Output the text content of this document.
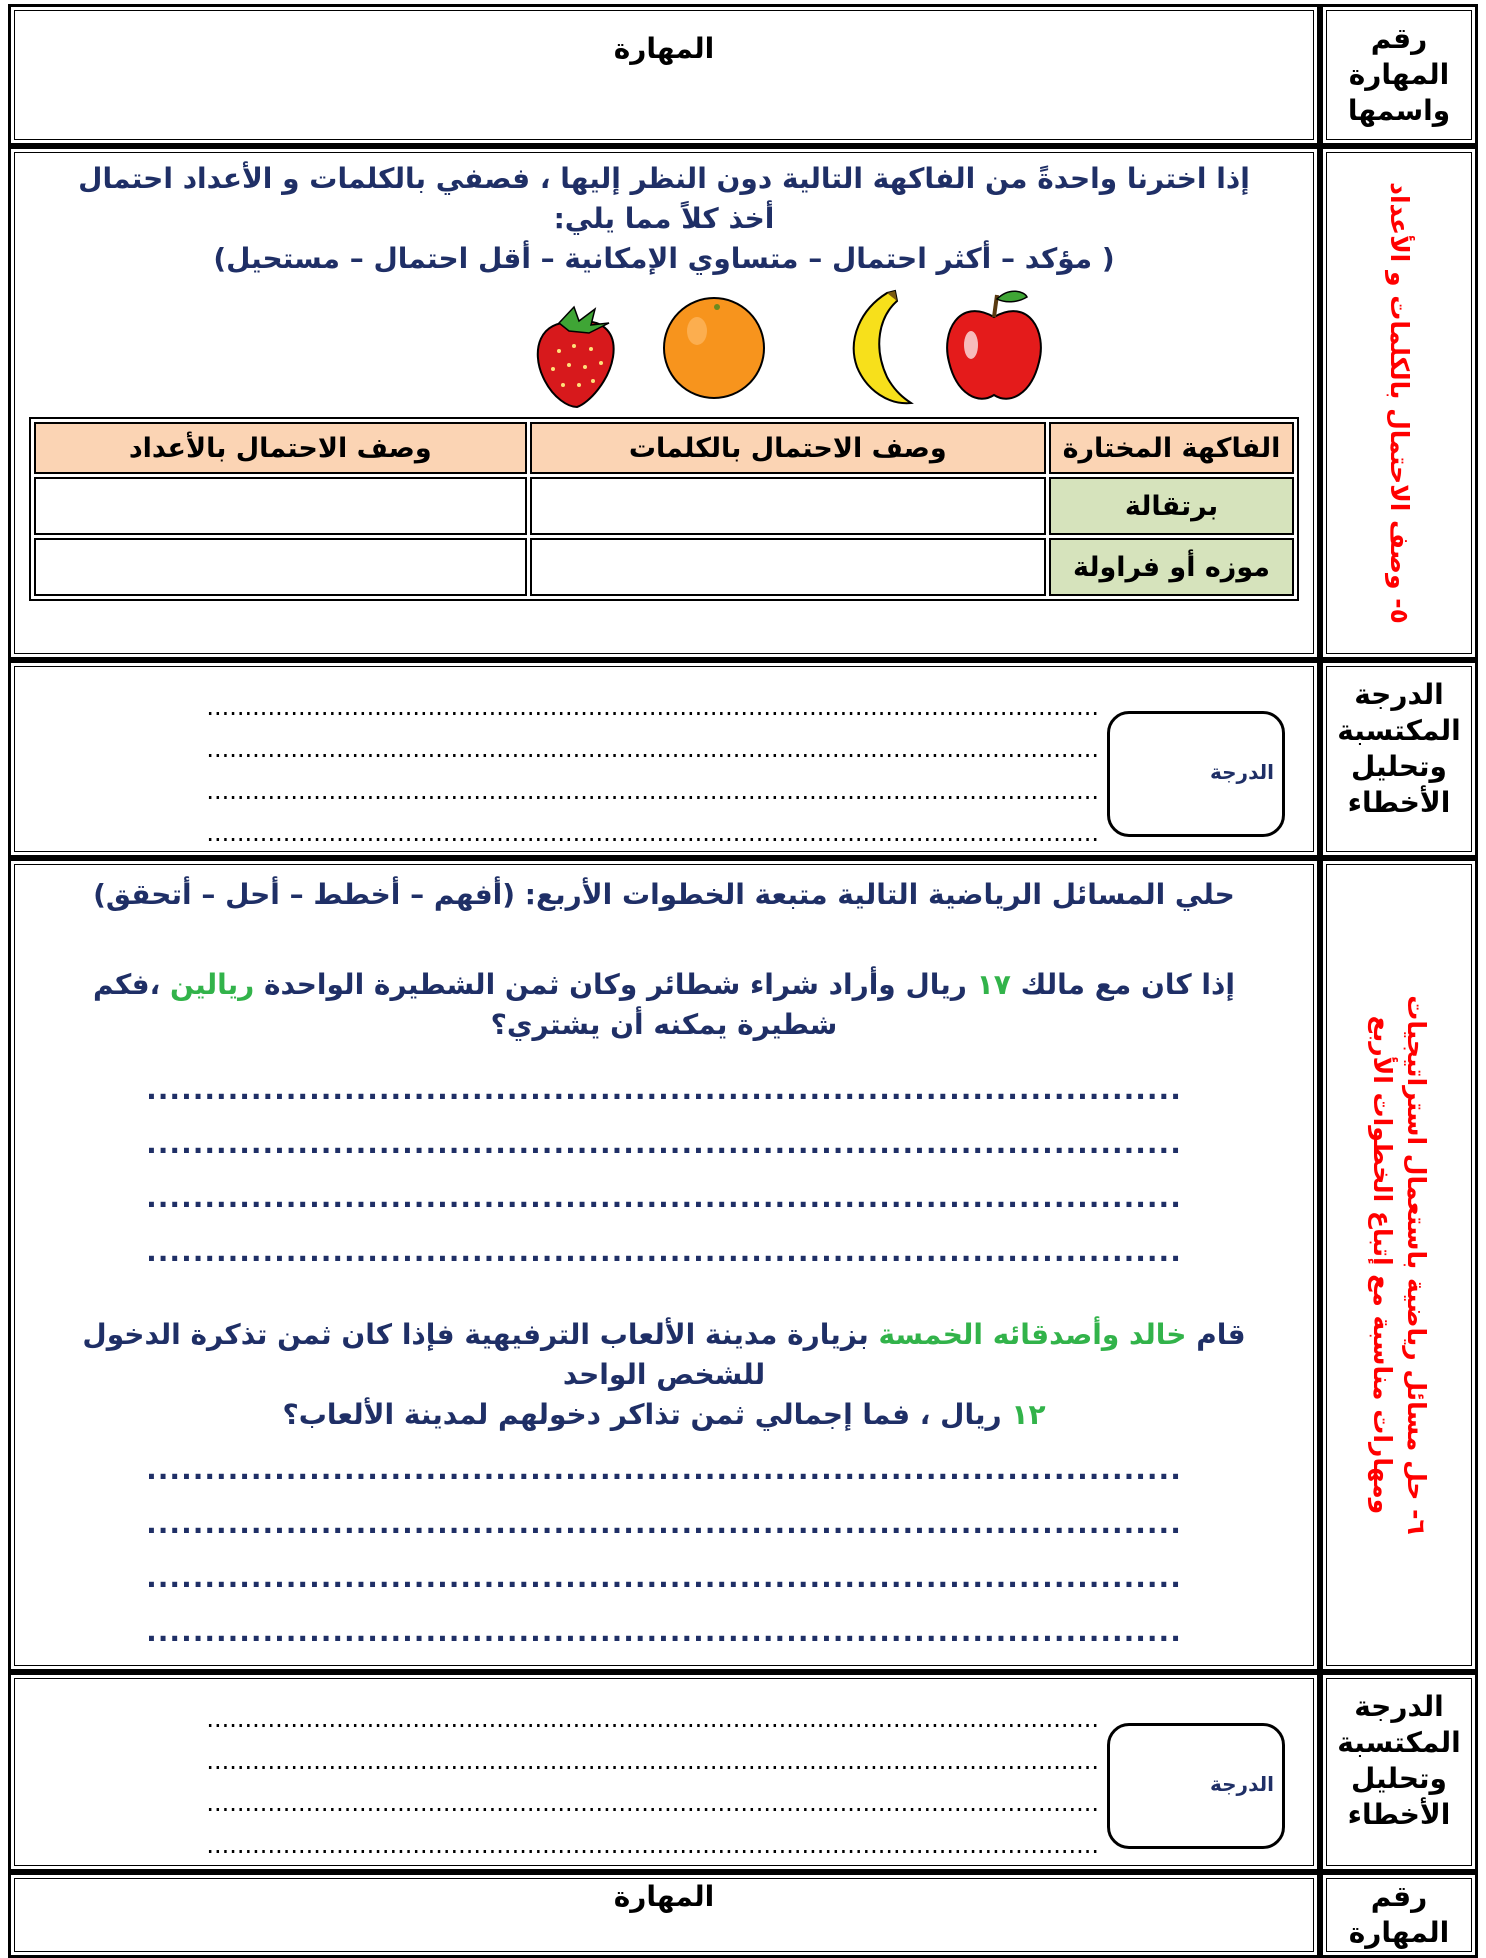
رقم المهارة واسمها	
المهارة

٥- وصف الاحتمال بالكلمات و الأعداد

إذا اخترنا واحدةً من الفاكهة التالية دون النظر إليها ، فصفي بالكلمات و الأعداد احتمال
أخذ كلاً مما يلي:
( مؤكد – أكثر احتمال – متساوي الإمكانية – أقل احتمال – مستحيل)
الفاكهة المختارة	وصف الاحتمال بالكلمات	وصف الاحتمال بالأعداد
برتقالة		
موزه أو فراولة		

الدرجة المكتسبة وتحليل الأخطاء	
.....................................................................................................................
.....................................................................................................................
.....................................................................................................................
.....................................................................................................................
الدرجة

٦- حل مسائل رياضية باستعمال استراتيجيات
ومهارات مناسبة مع إتباع الخطوات الأربع

حلي المسائل الرياضية التالية متبعة الخطوات الأربع: (أفهم – أخطط – أحل – أتحقق)
إذا كان مع مالك ١٧ ريال وأراد شراء شطائر وكان ثمن الشطيرة الواحدة ريالين ،فكم
شطيرة يمكنه أن يشتري؟
.........................................................................................
.........................................................................................
.........................................................................................
.........................................................................................
قام خالد وأصدقائه الخمسة بزيارة مدينة الألعاب الترفيهية فإذا كان ثمن تذكرة الدخول
للشخص الواحد
١٢ ريال ، فما إجمالي ثمن تذاكر دخولهم لمدينة الألعاب؟
.........................................................................................
.........................................................................................
.........................................................................................
.........................................................................................

الدرجة المكتسبة وتحليل الأخطاء	
.....................................................................................................................
.....................................................................................................................
.....................................................................................................................
.....................................................................................................................
الدرجة

رقم المهارة	
المهارة
